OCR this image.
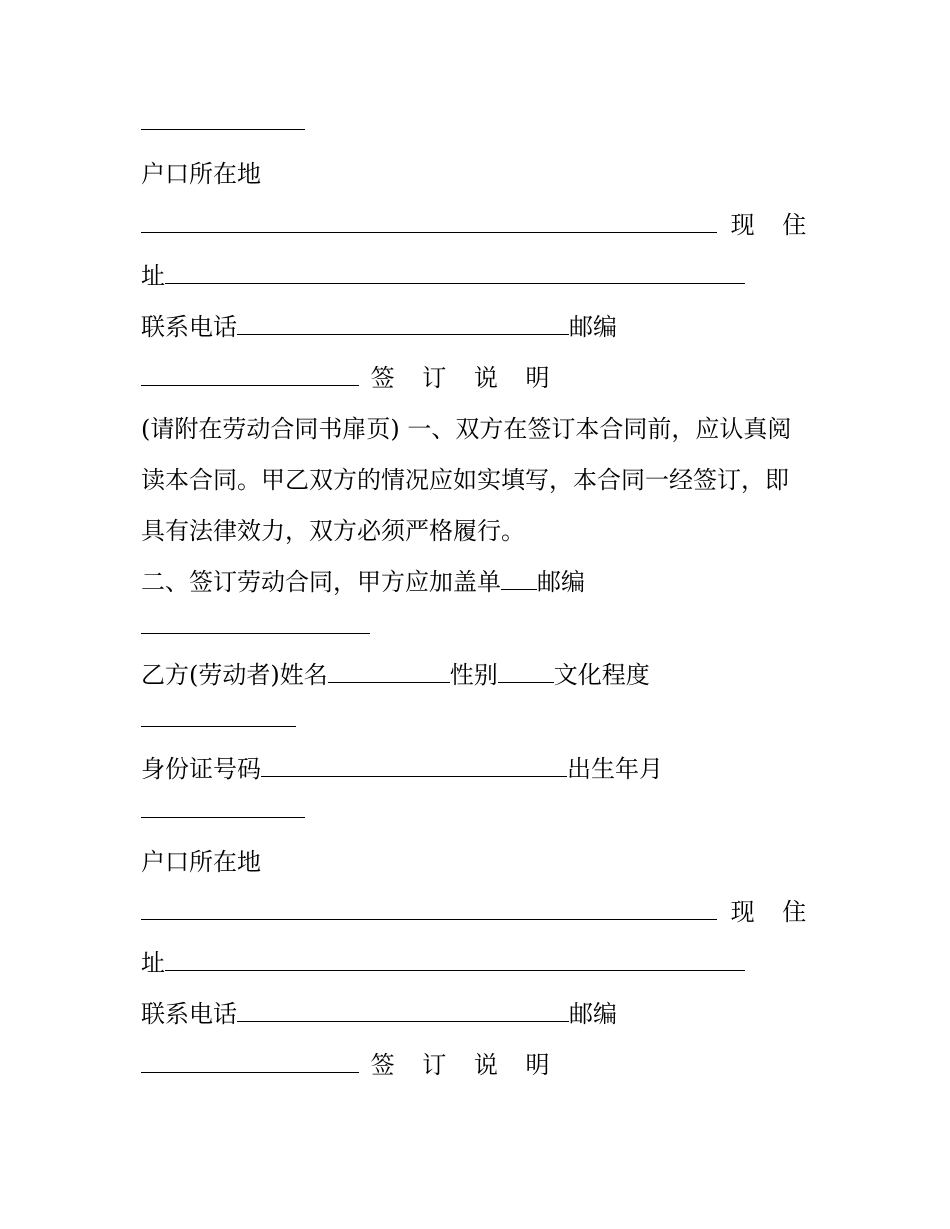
户口所在地
现 住
址
联系电话	邮编
签 订 说 明
(请附在劳动合同书扉页) 一、双方在签订本合同前，应认真阅
读本合同。甲乙双方的情况应如实填写，本合同一经签订，即
具有法律效力，双方必须严格履行。
二、签订劳动合同，甲方应加盖单 邮编
乙方(劳动者)姓名	性别 文化程度
身份证号码	出生年月
户口所在地
现 住
址
联系电话	邮编
签 订 说 明
